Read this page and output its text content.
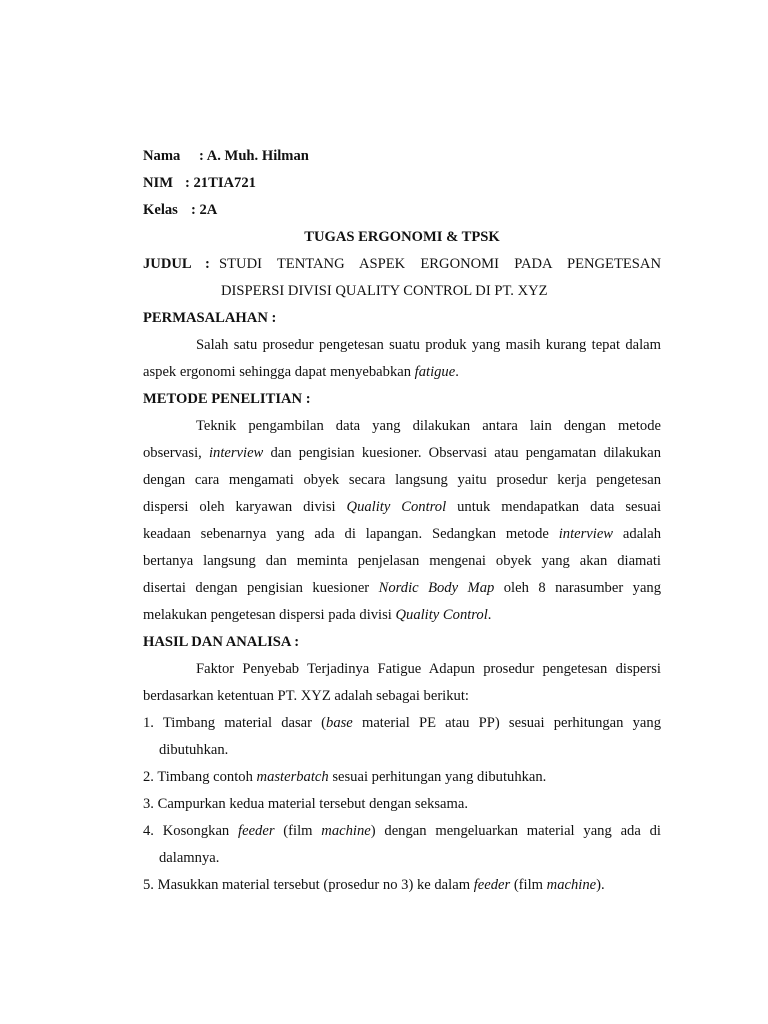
Nama : A. Muh. Hilman
NIM : 21TIA721
Kelas : 2A
TUGAS ERGONOMI & TPSK
JUDUL : STUDI TENTANG ASPEK ERGONOMI PADA PENGETESAN
DISPERSI DIVISI QUALITY CONTROL DI PT. XYZ
PERMASALAHAN :
Salah satu prosedur pengetesan suatu produk yang masih kurang tepat dalam
aspek ergonomi sehingga dapat menyebabkan fatigue.
METODE PENELITIAN :
Teknik pengambilan data yang dilakukan antara lain dengan metode
observasi, interview dan pengisian kuesioner. Observasi atau pengamatan dilakukan
dengan cara mengamati obyek secara langsung yaitu prosedur kerja pengetesan
dispersi oleh karyawan divisi Quality Control untuk mendapatkan data sesuai
keadaan sebenarnya yang ada di lapangan. Sedangkan metode interview adalah
bertanya langsung dan meminta penjelasan mengenai obyek yang akan diamati
disertai dengan pengisian kuesioner Nordic Body Map oleh 8 narasumber yang
melakukan pengetesan dispersi pada divisi Quality Control.
HASIL DAN ANALISA :
Faktor Penyebab Terjadinya Fatigue Adapun prosedur pengetesan dispersi
berdasarkan ketentuan PT. XYZ adalah sebagai berikut:
1. Timbang material dasar (base material PE atau PP) sesuai perhitungan yang
dibutuhkan.
2. Timbang contoh masterbatch sesuai perhitungan yang dibutuhkan.
3. Campurkan kedua material tersebut dengan seksama.
4. Kosongkan feeder (film machine) dengan mengeluarkan material yang ada di
dalamnya.
5. Masukkan material tersebut (prosedur no 3) ke dalam feeder (film machine).
